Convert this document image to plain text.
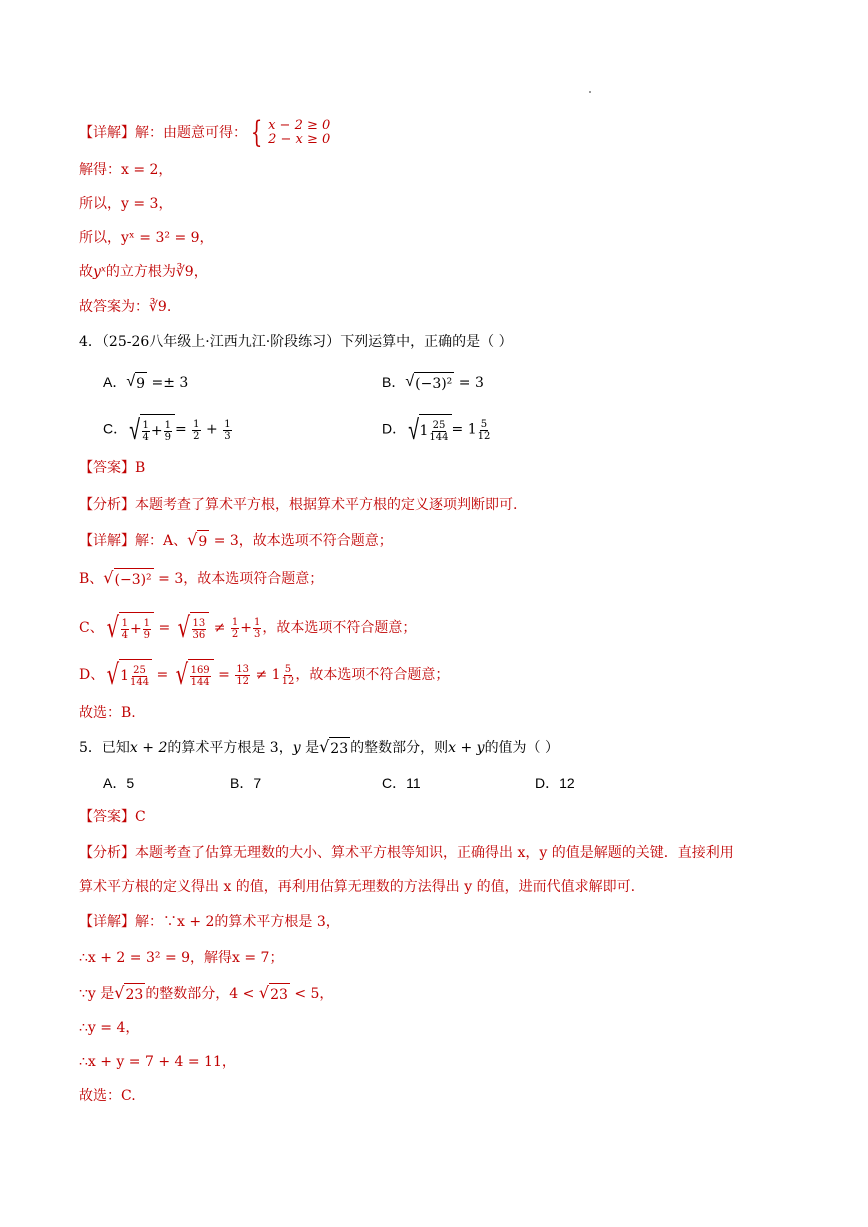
【详解】解：由题意可得： { x − 2 ≥ 0
2 − x ≥ 0
解得：x = 2，
所以，y = 3，
所以，yˣ = 3² = 9，
故yˣ的立方根为∛9，
故答案为：∛9.
4．（25-26八年级上·江西九江·阶段练习）下列运算中，正确的是（ ）
A． √ 9 =± 3	B． √ (−3)² = 3
C． √ $\frac{1}{4} + \frac{1}{9} = \frac{1}{2} + \frac{1}{3}$	D． √ $1 \frac{25}{144} = 1 \frac{5}{12}$
【答案】B
【分析】本题考查了算术平方根，根据算术平方根的定义逐项判断即可.
【详解】解：A、 √ 9 = 3，故本选项不符合题意；
B、 √ (−3)² = 3，故本选项符合题意；
C、 √ $\frac{1}{4} + \frac{1}{9}$ = √ $\frac{13}{36} \ne \frac{1}{2} + \frac{1}{3}$ ，故本选项不符合题意；
D、 √ $1 \frac{25}{144}$ = √ $\frac{169}{144} = \frac{13}{12} \ne 1 \frac{5}{12}$ ，故本选项不符合题意；
故选：B.
5．已知x + 2的算术平方根是 3，y 是 √ 23 的整数部分，则x + y的值为（ ）
A．5	B．7	C．11	D．12
【答案】C
【分析】本题考查了估算无理数的大小、算术平方根等知识，正确得出 x，y 的值是解题的关键．直接利用
算术平方根的定义得出 x 的值，再利用估算无理数的方法得出 y 的值，进而代值求解即可.
【详解】解：∵x + 2的算术平方根是 3，
∴x + 2 = 3² = 9，解得x = 7；
∵y 是 √ 23 的整数部分，4 < √ 23 < 5，
∴y = 4，
∴x + y = 7 + 4 = 11，
故选：C.
